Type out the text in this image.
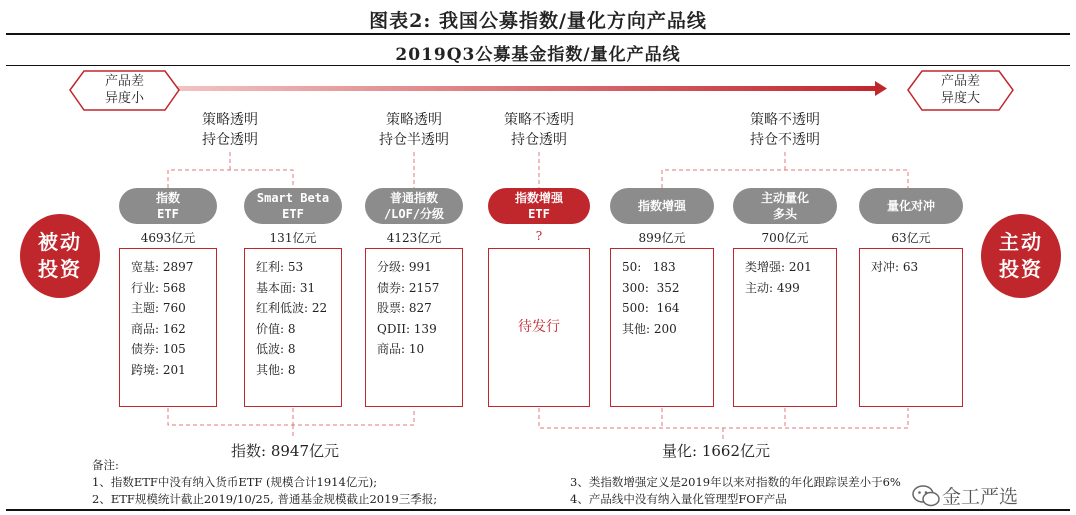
图表2: 我国公募指数/量化方向产品线
2019Q3公募基金指数/量化产品线
产品差
异度小
产品差
异度大
策略透明
持仓透明
策略透明
持仓半透明
策略不透明
持仓透明
策略不透明
持仓不透明
被动
投资
主动
投资
指数
ETF
Smart Beta
ETF
普通指数
/LOF/分级
指数增强
ETF
指数增强
主动量化
多头
量化对冲
4693亿元	131亿元	4123亿元	?	899亿元	700亿元	63亿元
宽基: 2897
行业: 568
主题: 760
商品: 162
债券: 105
跨境: 201
红利: 53
基本面: 31
红利低波: 22
价值: 8
低波: 8
其他: 8
分级: 991
债券: 2157
股票: 827
QDII: 139
商品: 10
待发行
50:   183
300:  352
500:  164
其他: 200
类增强: 201
主动: 499
对冲: 63
指数: 8947亿元	量化: 1662亿元
备注:
1、指数ETF中没有纳入货币ETF (规模合计1914亿元);
2、ETF规模统计截止2019/10/25, 普通基金规模截止2019三季报;
3、类指数增强定义是2019年以来对指数的年化跟踪误差小于6%
4、产品线中没有纳入量化管理型FOF产品	金工严选
